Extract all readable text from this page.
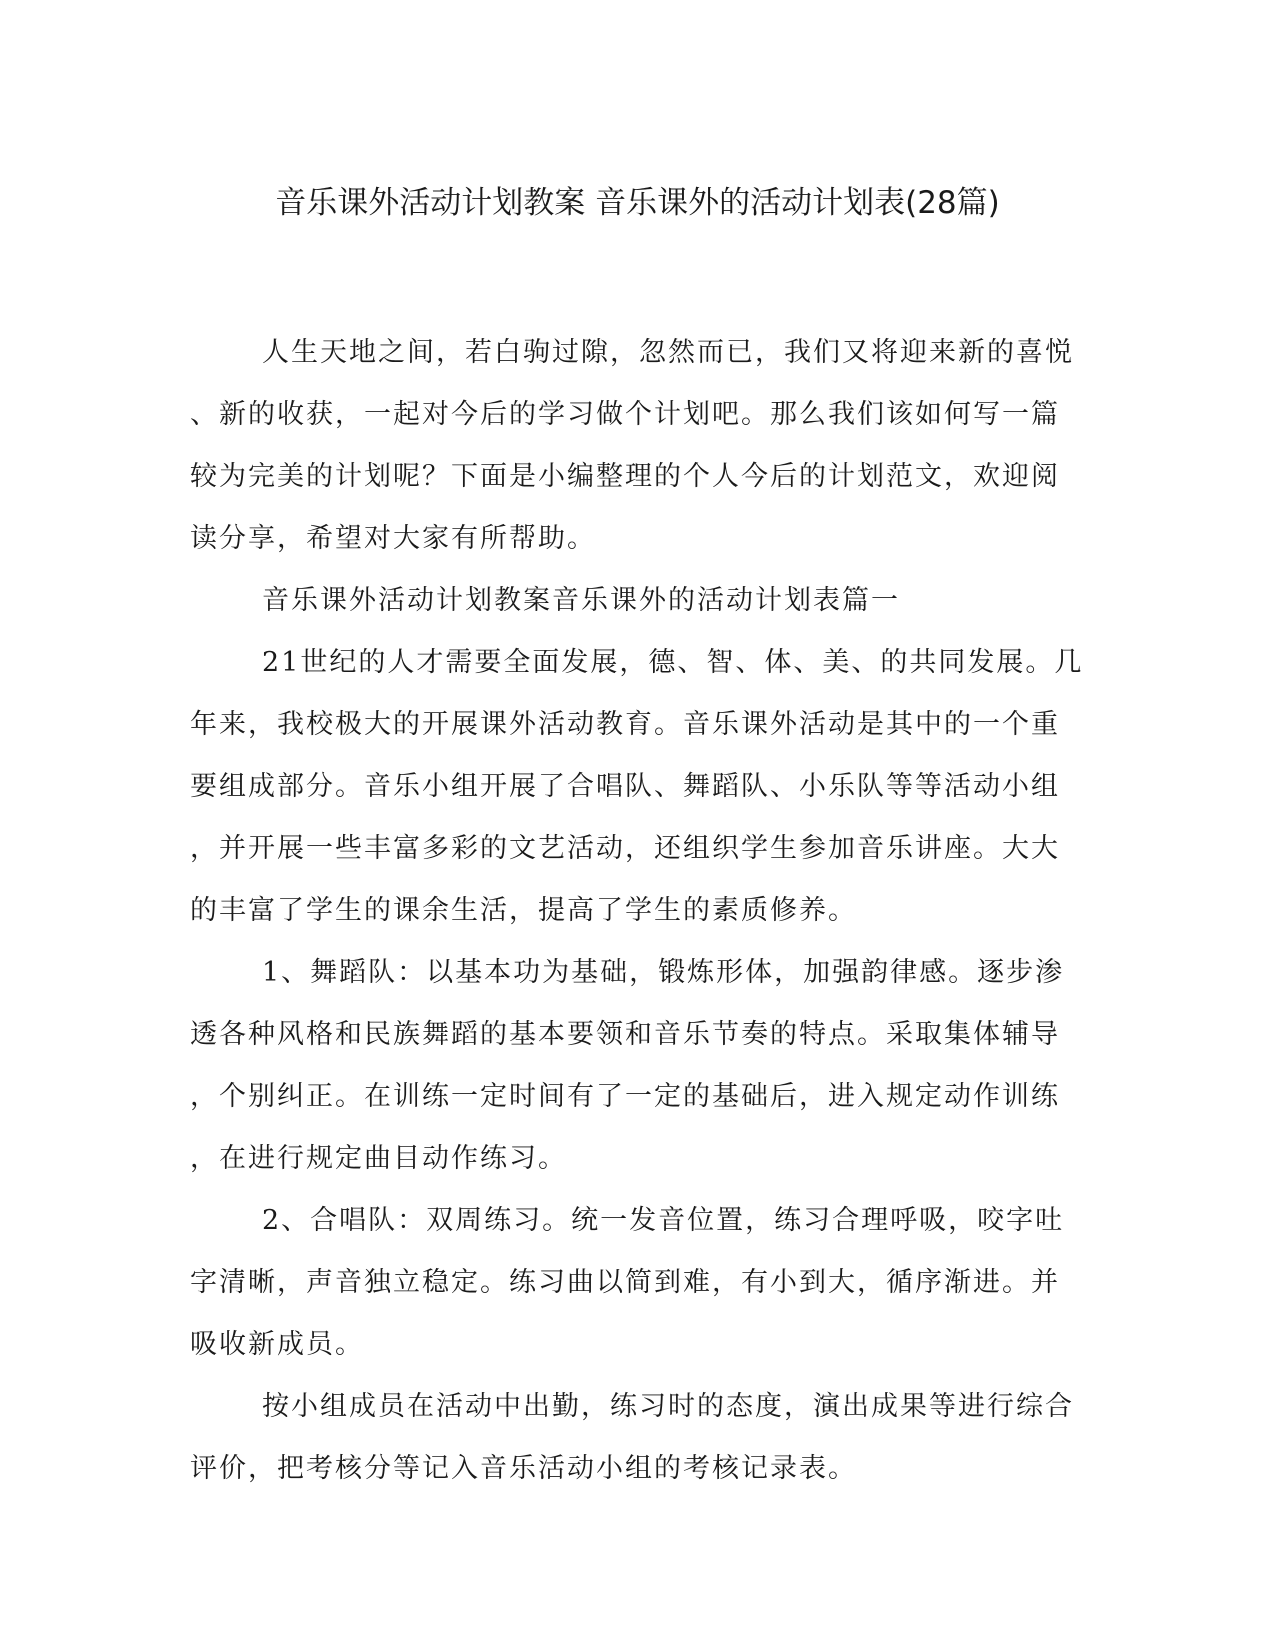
音乐课外活动计划教案 音乐课外的活动计划表(28篇)
人生天地之间，若白驹过隙，忽然而已，我们又将迎来新的喜悦
、新的收获，一起对今后的学习做个计划吧。那么我们该如何写一篇
较为完美的计划呢？下面是小编整理的个人今后的计划范文，欢迎阅
读分享，希望对大家有所帮助。
音乐课外活动计划教案音乐课外的活动计划表篇一
21世纪的人才需要全面发展，德、智、体、美、的共同发展。几
年来，我校极大的开展课外活动教育。音乐课外活动是其中的一个重
要组成部分。音乐小组开展了合唱队、舞蹈队、小乐队等等活动小组
，并开展一些丰富多彩的文艺活动，还组织学生参加音乐讲座。大大
的丰富了学生的课余生活，提高了学生的素质修养。
1、舞蹈队：以基本功为基础，锻炼形体，加强韵律感。逐步渗
透各种风格和民族舞蹈的基本要领和音乐节奏的特点。采取集体辅导
，个别纠正。在训练一定时间有了一定的基础后，进入规定动作训练
，在进行规定曲目动作练习。
2、合唱队：双周练习。统一发音位置，练习合理呼吸，咬字吐
字清晰，声音独立稳定。练习曲以简到难，有小到大，循序渐进。并
吸收新成员。
按小组成员在活动中出勤，练习时的态度，演出成果等进行综合
评价，把考核分等记入音乐活动小组的考核记录表。
